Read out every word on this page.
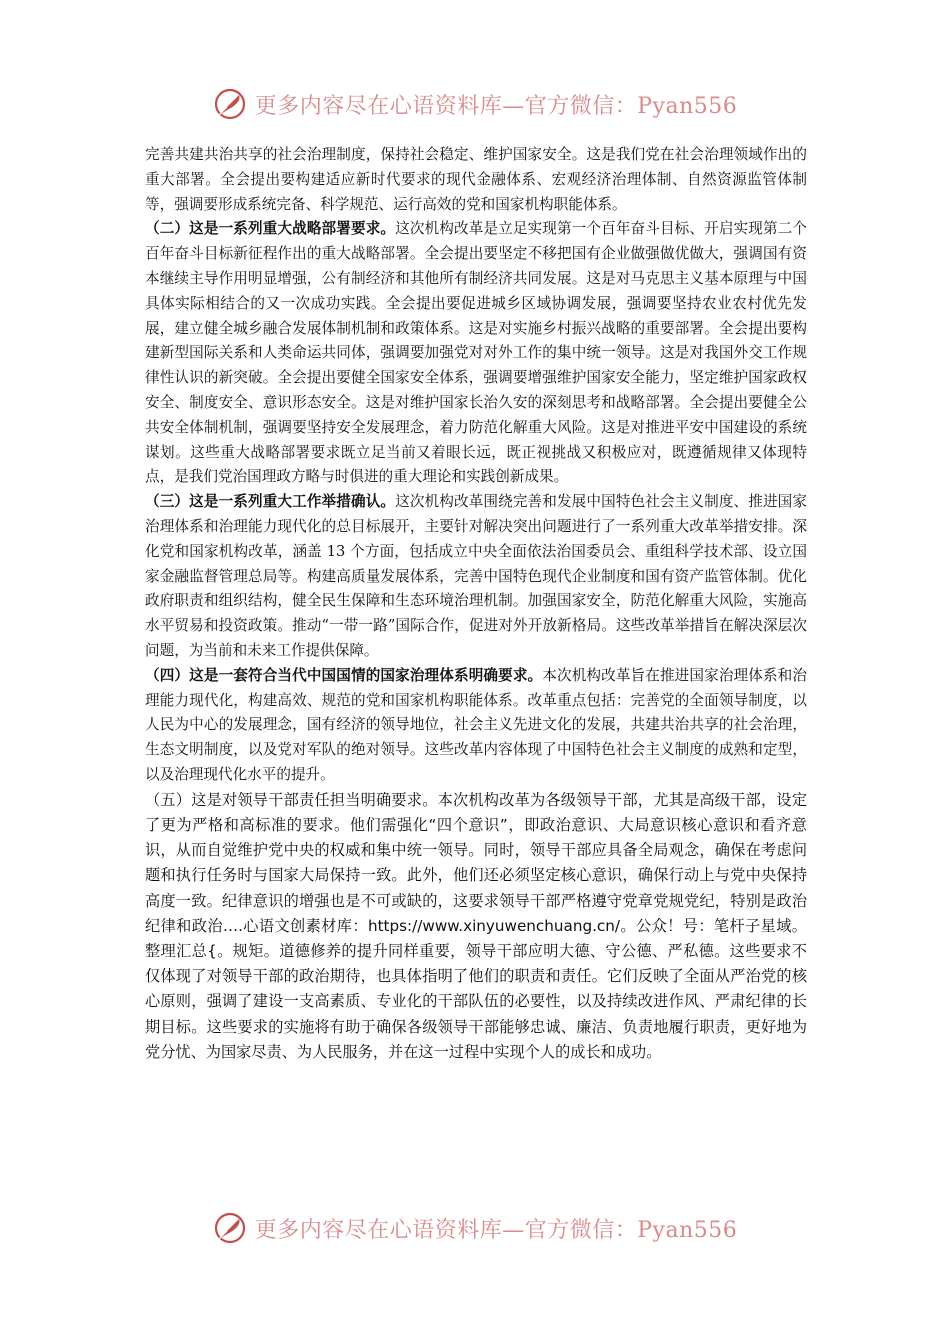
更多内容尽在心语资料库—官方微信：Pyan556

完善共建共治共享的社会治理制度，保持社会稳定、维护国家安全。这是我们党在社会治理领域作出的重大部署。全会提出要构建适应新时代要求的现代金融体系、宏观经济治理体制、自然资源监管体制等，强调要形成系统完备、科学规范、运行高效的党和国家机构职能体系。

（二）这是一系列重大战略部署要求。这次机构改革是立足实现第一个百年奋斗目标、开启实现第二个百年奋斗目标新征程作出的重大战略部署。全会提出要坚定不移把国有企业做强做优做大，强调国有资本继续主导作用明显增强，公有制经济和其他所有制经济共同发展。这是对马克思主义基本原理与中国具体实际相结合的又一次成功实践。全会提出要促进城乡区域协调发展，强调要坚持农业农村优先发展，建立健全城乡融合发展体制机制和政策体系。这是对实施乡村振兴战略的重要部署。全会提出要构建新型国际关系和人类命运共同体，强调要加强党对对外工作的集中统一领导。这是对我国外交工作规律性认识的新突破。全会提出要健全国家安全体系，强调要增强维护国家安全能力，坚定维护国家政权安全、制度安全、意识形态安全。这是对维护国家长治久安的深刻思考和战略部署。全会提出要健全公共安全体制机制，强调要坚持安全发展理念，着力防范化解重大风险。这是对推进平安中国建设的系统谋划。这些重大战略部署要求既立足当前又着眼长远，既正视挑战又积极应对，既遵循规律又体现特点，是我们党治国理政方略与时俱进的重大理论和实践创新成果。

（三）这是一系列重大工作举措确认。这次机构改革围绕完善和发展中国特色社会主义制度、推进国家治理体系和治理能力现代化的总目标展开，主要针对解决突出问题进行了一系列重大改革举措安排。深化党和国家机构改革，涵盖 13 个方面，包括成立中央全面依法治国委员会、重组科学技术部、设立国家金融监督管理总局等。构建高质量发展体系，完善中国特色现代企业制度和国有资产监管体制。优化政府职责和组织结构，健全民生保障和生态环境治理机制。加强国家安全，防范化解重大风险，实施高水平贸易和投资政策。推动“一带一路”国际合作，促进对外开放新格局。这些改革举措旨在解决深层次问题，为当前和未来工作提供保障。

（四）这是一套符合当代中国国情的国家治理体系明确要求。本次机构改革旨在推进国家治理体系和治理能力现代化，构建高效、规范的党和国家机构职能体系。改革重点包括：完善党的全面领导制度，以人民为中心的发展理念，国有经济的领导地位，社会主义先进文化的发展，共建共治共享的社会治理，生态文明制度，以及党对军队的绝对领导。这些改革内容体现了中国特色社会主义制度的成熟和定型，以及治理现代化水平的提升。

（五）这是对领导干部责任担当明确要求。本次机构改革为各级领导干部，尤其是高级干部，设定了更为严格和高标准的要求。他们需强化“四个意识”，即政治意识、大局意识核心意识和看齐意识，从而自觉维护党中央的权威和集中统一领导。同时，领导干部应具备全局观念，确保在考虑问题和执行任务时与国家大局保持一致。此外，他们还必须坚定核心意识，确保行动上与党中央保持高度一致。纪律意识的增强也是不可或缺的，这要求领导干部严格遵守党章党规党纪，特别是政治纪律和政治….心语文创素材库：https://www.xinyuwenchuang.cn/。公众！号：笔杆子星域。整理汇总{。规矩。道德修养的提升同样重要，领导干部应明大德、守公德、严私德。这些要求不仅体现了对领导干部的政治期待，也具体指明了他们的职责和责任。它们反映了全面从严治党的核心原则，强调了建设一支高素质、专业化的干部队伍的必要性，以及持续改进作风、严肃纪律的长期目标。这些要求的实施将有助于确保各级领导干部能够忠诚、廉洁、负责地履行职责，更好地为党分忧、为国家尽责、为人民服务，并在这一过程中实现个人的成长和成功。

更多内容尽在心语资料库—官方微信：Pyan556
